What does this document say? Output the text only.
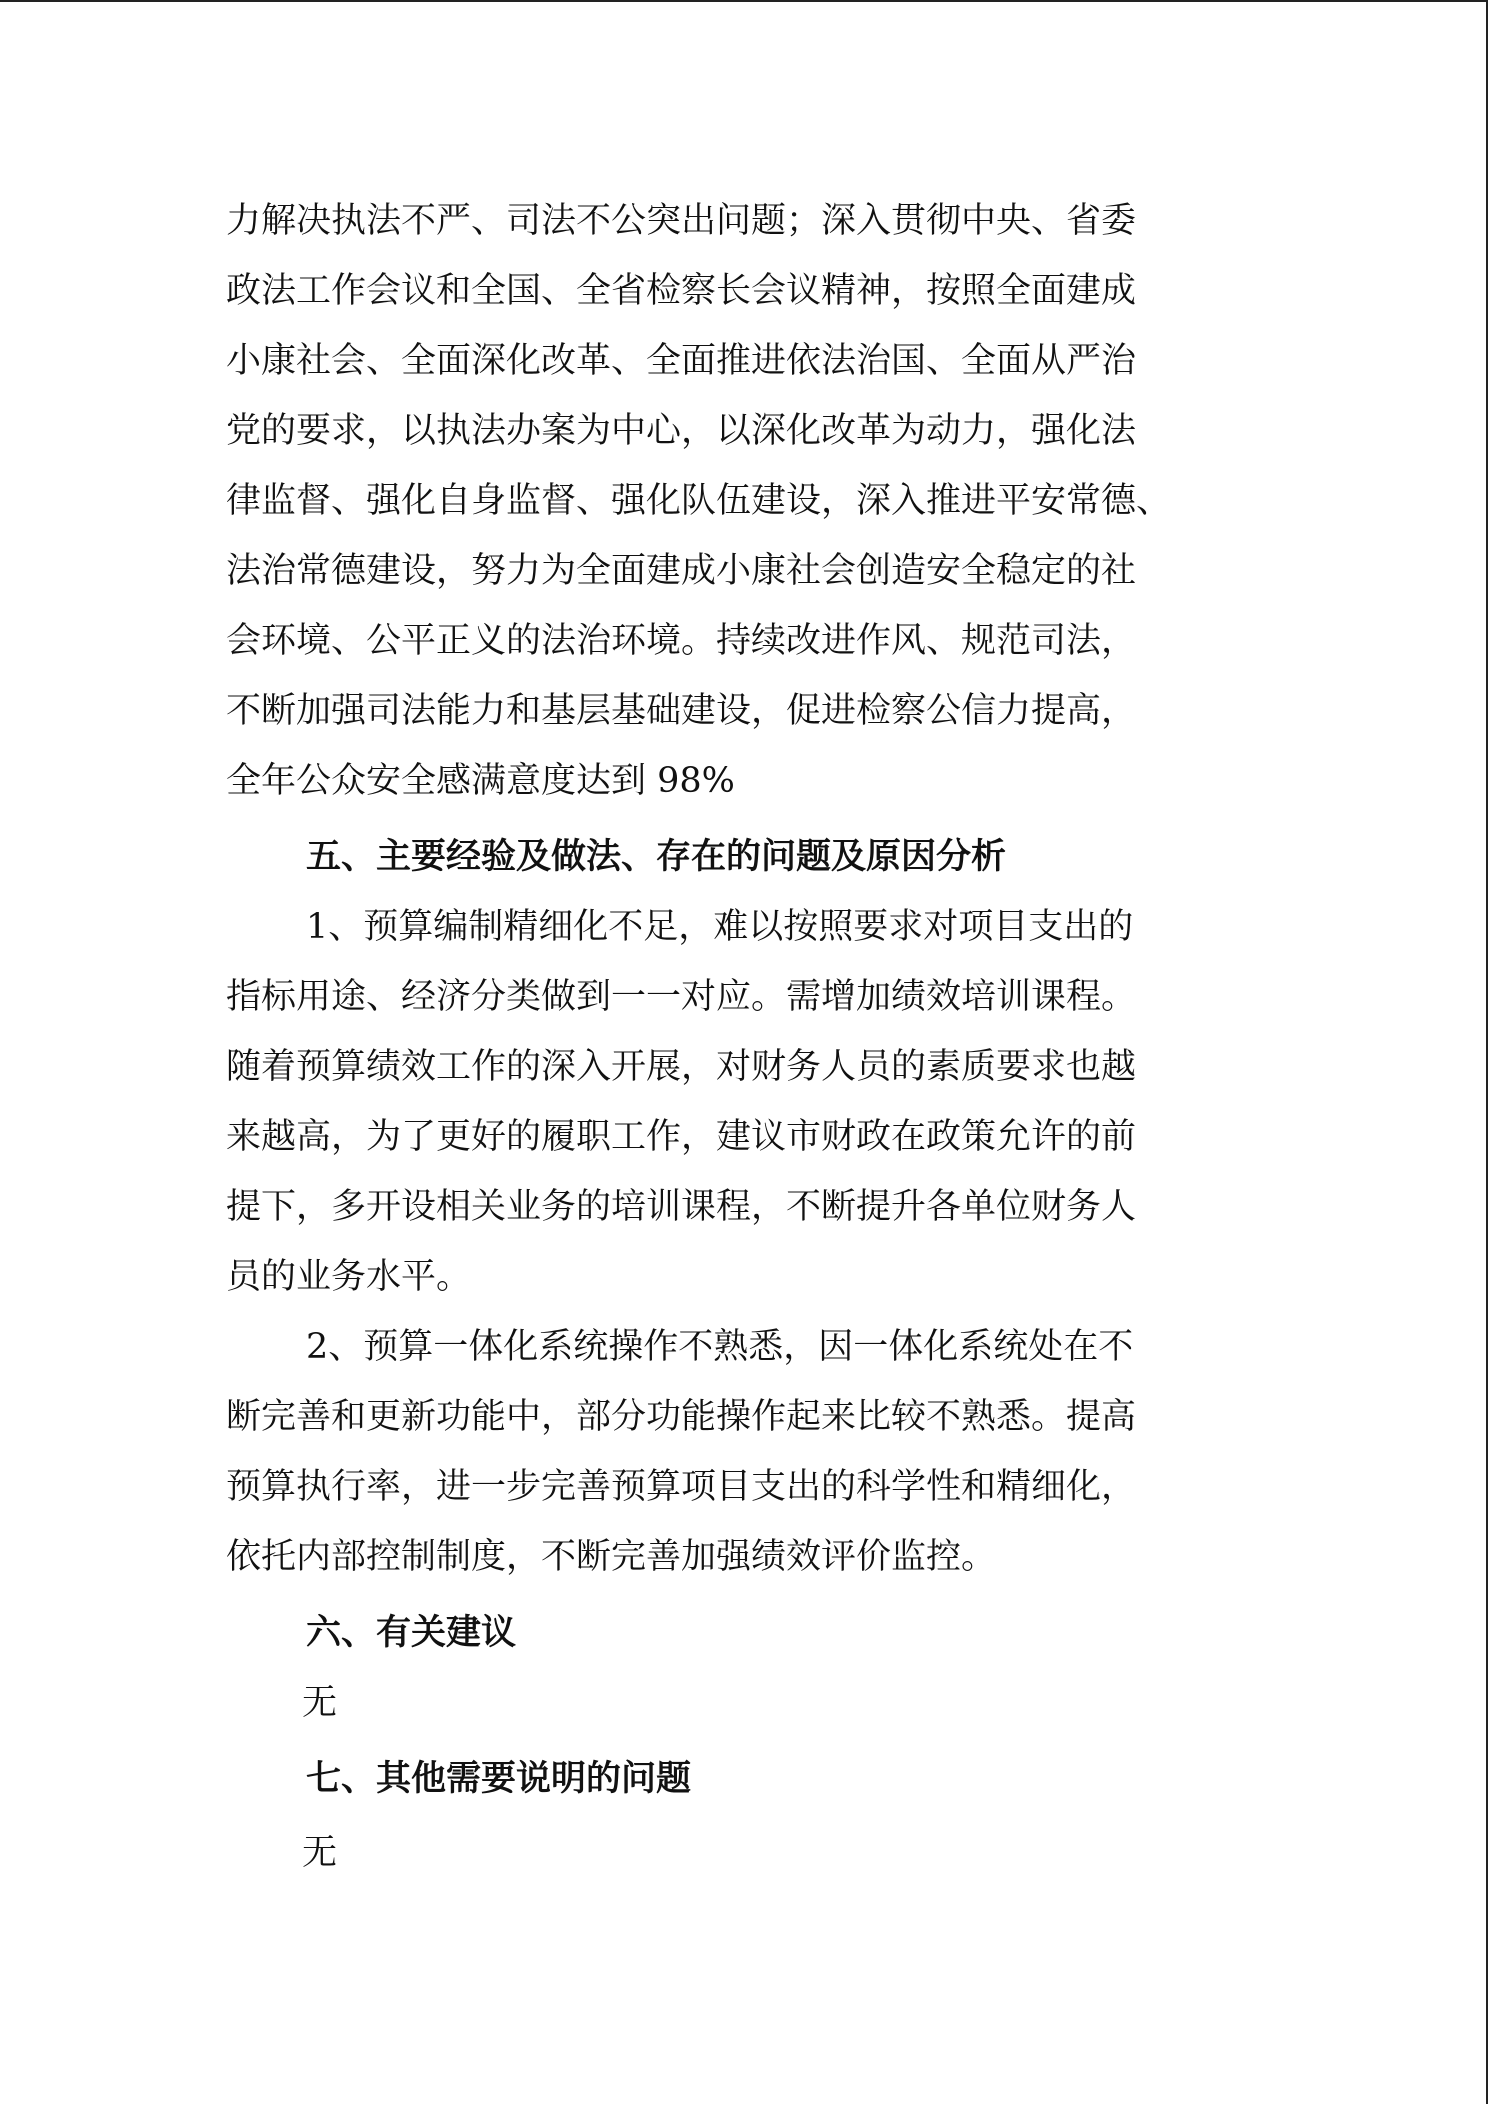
力解决执法不严、司法不公突出问题；深入贯彻中央、省委
政法工作会议和全国、全省检察长会议精神，按照全面建成
小康社会、全面深化改革、全面推进依法治国、全面从严治
党的要求，以执法办案为中心，以深化改革为动力，强化法
律监督、强化自身监督、强化队伍建设，深入推进平安常德、
法治常德建设，努力为全面建成小康社会创造安全稳定的社
会环境、公平正义的法治环境。持续改进作风、规范司法，
不断加强司法能力和基层基础建设，促进检察公信力提高，
全年公众安全感满意度达到 98%
五、主要经验及做法、存在的问题及原因分析
1、预算编制精细化不足，难以按照要求对项目支出的
指标用途、经济分类做到一一对应。需增加绩效培训课程。
随着预算绩效工作的深入开展，对财务人员的素质要求也越
来越高，为了更好的履职工作，建议市财政在政策允许的前
提下，多开设相关业务的培训课程，不断提升各单位财务人
员的业务水平。
2、预算一体化系统操作不熟悉，因一体化系统处在不
断完善和更新功能中，部分功能操作起来比较不熟悉。提高
预算执行率，进一步完善预算项目支出的科学性和精细化，
依托内部控制制度，不断完善加强绩效评价监控。
六、有关建议
无
七、其他需要说明的问题
无
